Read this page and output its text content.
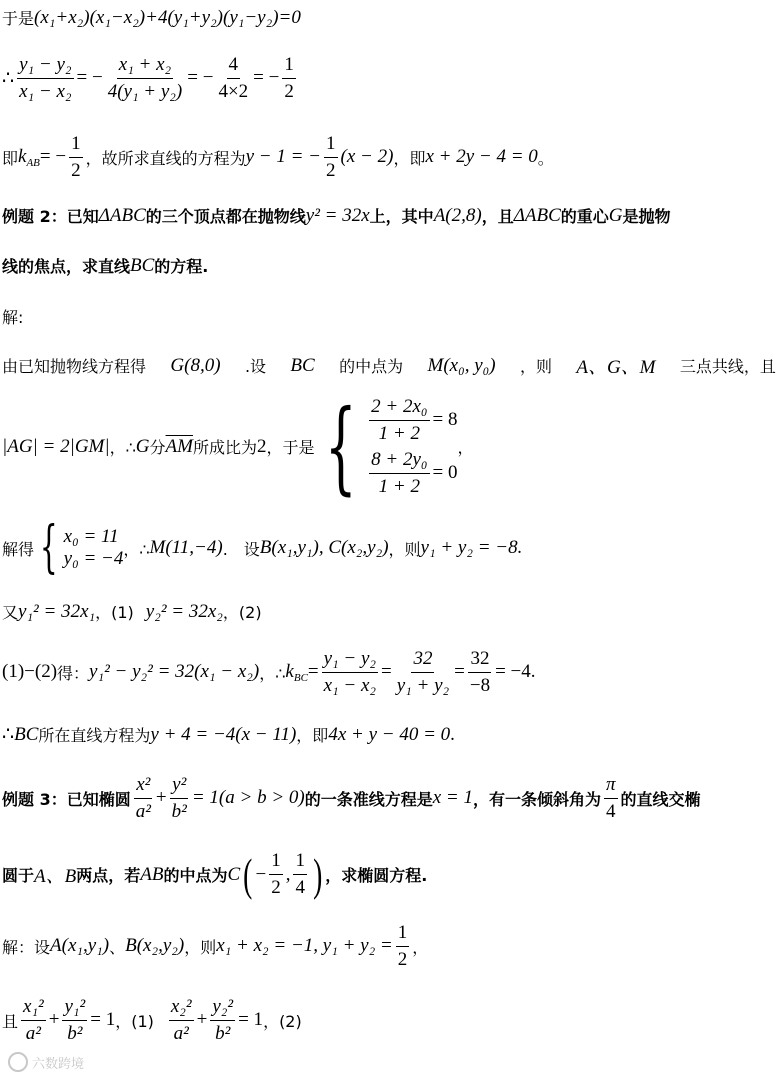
于是 (x₁+x₂)(x₁−x₂)+4(y₁+y₂)(y₁−y₂)=0
∴ $\frac{\text{y₁ − y₂}}{\text{x₁ − x₂}}$ = − $\frac{\text{x₁ + x₂}}{\text{4(y₁ + y₂)}}$ = − $\frac{4}{4\times 2}$ = − $\frac{1}{2}$
即 $k_{AB}$ = − $\frac{1}{2}$ ，故所求直线的方程为 y − 1 = − $\frac{1}{2} (x - 2)$ ，即 x + 2y − 4 = 0 。
例题 2：已知 ΔABC 的三个顶点都在抛物线 y² = 32x 上，其中 A(2,8) ，且 ΔABC 的重心 G 是抛物
线的焦点，求直线 BC 的方程.
解:
由已知抛物线方程得 G(8,0) .设 BC 的中点为 M(x₀, y₀) ，则 A、G、M 三点共线，且
|AG| = 2|GM| ，∴ G 分 $\overline{AM}$ 所成比为 2 ，于是 { $\frac{\text{2 + 2x₀}}{1 + 2} = 8$
$\frac{\text{8 + 2y₀}}{1 + 2} = 0$
，
解得 { x₀ = 11
y₀ = −4 ，∴ M(11,−4) .　设 B(x₁,y₁), C(x₂,y₂) ，则 y₁ + y₂ = −8.
又 y₁² = 32x₁ ，(1) y₂² = 32x₂ ，(2)
(1)−(2) 得： y₁² − y₂² = 32(x₁ − x₂) ，∴ $k_{BC} = \frac{\text{y₁ − y₂}}{\text{x₁ − x₂}} = \frac{32}{\text{y₁ + y₂}} = \frac{32}{-8} = -4$.
∴ BC 所在直线方程为 y + 4 = −4(x − 11) ，即 4x + y − 40 = 0 .
例题 3：已知椭圆 $\frac{\text{x²}}{\text{a²}} + \frac{\text{y²}}{\text{b²}} = 1(a > b > 0)$ 的一条准线方程是 x = 1 ，有一条倾斜角为 $\frac{\pi}{4}$ 的直线交椭
圆于 A、B 两点，若 AB 的中点为 C ( − $\frac{1}{2}$ , $\frac{1}{4}$ ) ，求椭圆方程.
解：设 A(x₁,y₁) 、 B(x₂,y₂) ，则 x₁ + x₂ = −1, $y_1 + y_2 = \frac{1}{2}$ ，
且 $\frac{\text{x₁²}}{\text{a²}} + \frac{\text{y₁²}}{\text{b²}} = 1$ ，$(1) \frac{\text{x₂²}}{\text{a²}} + \frac{\text{y₂²}}{\text{b²}} = 1$ ，(2)
六数跨境
